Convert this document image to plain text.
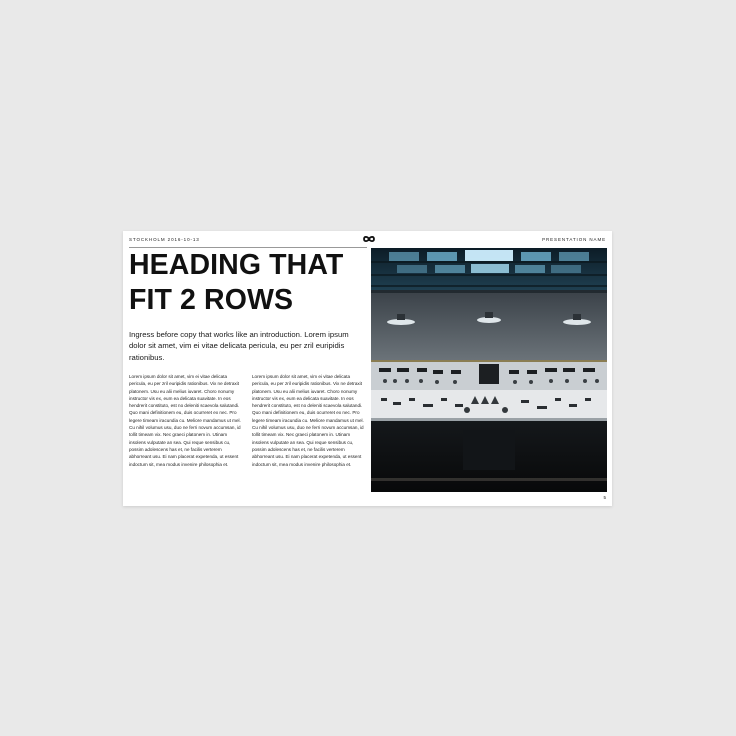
STOCKHOLM 2016-10-13	PRESENTATION NAME
HEADING THAT FIT 2 ROWS

Ingress before copy that works like an introduction. Lorem ipsum dolor sit amet, vim ei vitae delicata pericula, eu per zril euripidis rationibus.

Lorem ipsum dolor sit amet, vim ei vitae delicata pericula, eu per zril euripidis rationibus. Vix ne detraxit platonem. Usu eu alii melius iuvaret. Choro nonumy instructor vis ex, eum ea delicata suavitate. In eos hendrerit constituto, est no deleniti scaevola salutandi. Quo mani definitionem eu, duis ocurreret ex nec. Pro legere timeam iracundia cu. Meliore mandamus ut mel. Cu nihil volumus usu, duo ne ferri novum accumsan, id tollit timeam vix. Nec graeci platonem in. Utinam insolens vulputate an sea. Qui reque sensibus cu, possim adolescens has et, ne facilis verterem abhorreant usu. Ei nam placerat expetenda, ut essent indoctum sit, mea modus invenire philosophia et.

Lorem ipsum dolor sit amet, vim ei vitae delicata pericula, eu per zril euripidis rationibus. Vix ne detraxit platonem. Usu eu alii melius iuvaret. Choro nonumy instructor vis ex, eum ea delicata suavitate. In eos hendrerit constituto, est no deleniti scaevola salutandi. Quo mani definitionem eu, duis ocurreret ex nec. Pro legere timeam iracundia cu. Meliore mandamus ut mel. Cu nihil volumus usu, duo ne ferri novum accumsan, id tollit timeam vix. Nec graeci platonem in. Utinam insolens vulputate an sea. Qui reque sensibus cu, possim adolescens has et, ne facilis verterem abhorreant usu. Ei nam placerat expetenda, ut essent indoctum sit, mea modus invenire philosophia et.

5
